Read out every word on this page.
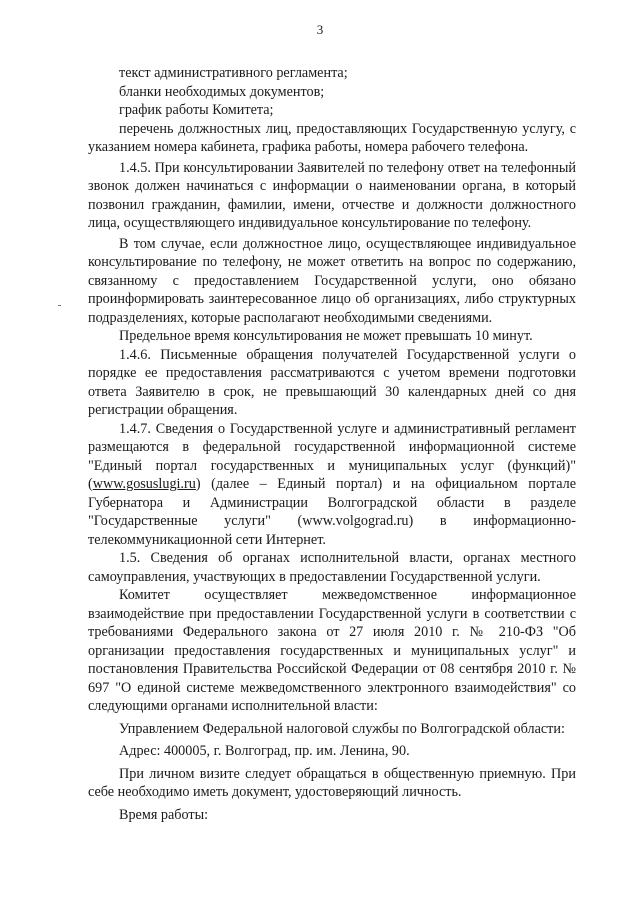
3

текст административного регламента;

бланки необходимых документов;

график работы Комитета;

перечень должностных лиц, предоставляющих Государственную услугу, с указанием номера кабинета, графика работы, номера рабочего телефона.

1.4.5. При консультировании Заявителей по телефону ответ на телефонный звонок должен начинаться с информации о наименовании органа, в который позвонил гражданин, фамилии, имени, отчестве и должности должностного лица, осуществляющего индивидуальное консультирование по телефону.

В том случае, если должностное лицо, осуществляющее индивидуальное консультирование по телефону, не может ответить на вопрос по содержанию, связанному с предоставлением Государственной услуги, оно обязано проинформировать заинтересованное лицо об организациях, либо структурных подразделениях, которые располагают необходимыми сведениями.

Предельное время консультирования не может превышать 10 минут.

1.4.6. Письменные обращения получателей Государственной услуги о порядке ее предоставления рассматриваются с учетом времени подготовки ответа Заявителю в срок, не превышающий 30 календарных дней со дня регистрации обращения.

1.4.7. Сведения о Государственной услуге и административный регламент размещаются в федеральной государственной информационной системе "Единый портал государственных и муниципальных услуг (функций)" (www.gosuslugi.ru) (далее – Единый портал) и на официальном портале Губернатора и Администрации Волгоградской области в разделе "Государственные услуги" (www.volgograd.ru) в информационно-телекоммуникационной сети Интернет.

1.5. Сведения об органах исполнительной власти, органах местного самоуправления, участвующих в предоставлении Государственной услуги.

Комитет осуществляет межведомственное информационное взаимодействие при предоставлении Государственной услуги в соответствии с требованиями Федерального закона от 27 июля 2010 г. № 210-ФЗ "Об организации предоставления государственных и муниципальных услуг" и постановления Правительства Российской Федерации от 08 сентября 2010 г. № 697 "О единой системе межведомственного электронного взаимодействия" со следующими органами исполнительной власти:

Управлением Федеральной налоговой службы по Волгоградской области:

Адрес: 400005, г. Волгоград, пр. им. Ленина, 90.

При личном визите следует обращаться в общественную приемную. При себе необходимо иметь документ, удостоверяющий личность.

Время работы:
